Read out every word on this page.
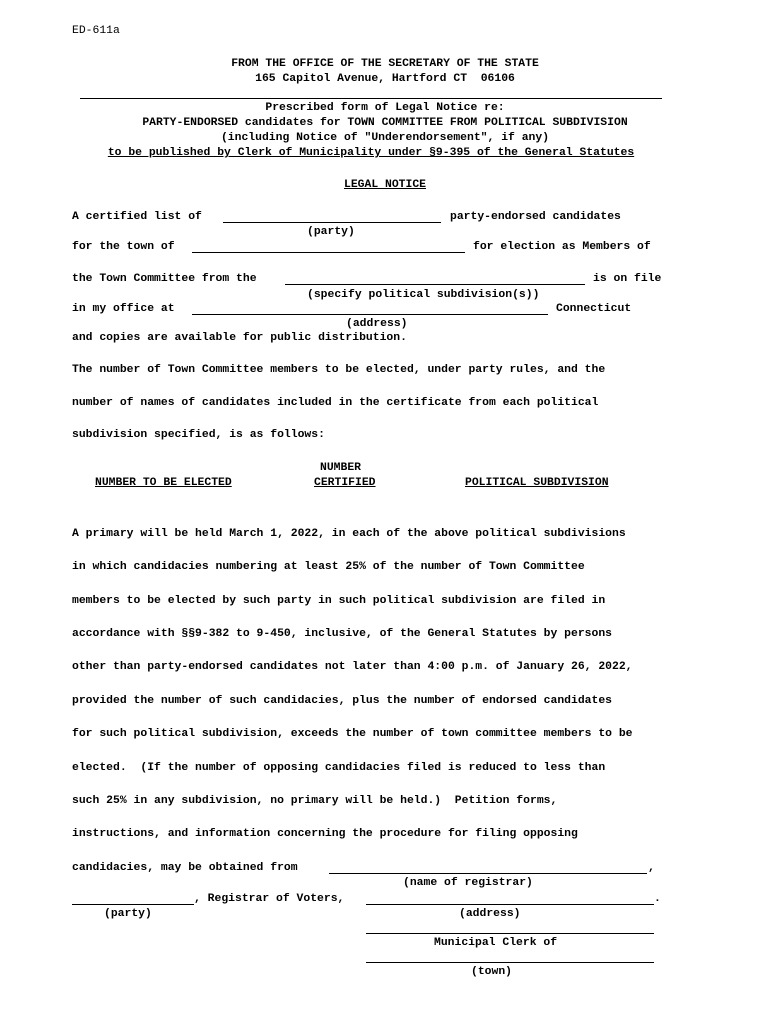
ED-611a
FROM THE OFFICE OF THE SECRETARY OF THE STATE
165 Capitol Avenue, Hartford CT  06106
Prescribed form of Legal Notice re:
PARTY-ENDORSED candidates for TOWN COMMITTEE FROM POLITICAL SUBDIVISION
(including Notice of "Underendorsement", if any)
to be published by Clerk of Municipality under §9-395 of the General Statutes
LEGAL NOTICE
A certified list of	party-endorsed candidates
(party)
for the town of	for election as Members of
the Town Committee from the	is on file
(specify political subdivision(s))
in my office at	Connecticut
(address)
and copies are available for public distribution.
The number of Town Committee members to be elected, under party rules, and the
number of names of candidates included in the certificate from each political
subdivision specified, is as follows:
NUMBER TO BE ELECTED
NUMBER
CERTIFIED	POLITICAL SUBDIVISION
A primary will be held March 1, 2022, in each of the above political subdivisions
in which candidacies numbering at least 25% of the number of Town Committee
members to be elected by such party in such political subdivision are filed in
accordance with §§9-382 to 9-450, inclusive, of the General Statutes by persons
other than party-endorsed candidates not later than 4:00 p.m. of January 26, 2022,
provided the number of such candidacies, plus the number of endorsed candidates
for such political subdivision, exceeds the number of town committee members to be
elected.  (If the number of opposing candidacies filed is reduced to less than
such 25% in any subdivision, no primary will be held.)  Petition forms,
instructions, and information concerning the procedure for filing opposing
candidacies, may be obtained from	,
(name of registrar)
, Registrar of Voters,	.
(party)	(address)
Municipal Clerk of
(town)
